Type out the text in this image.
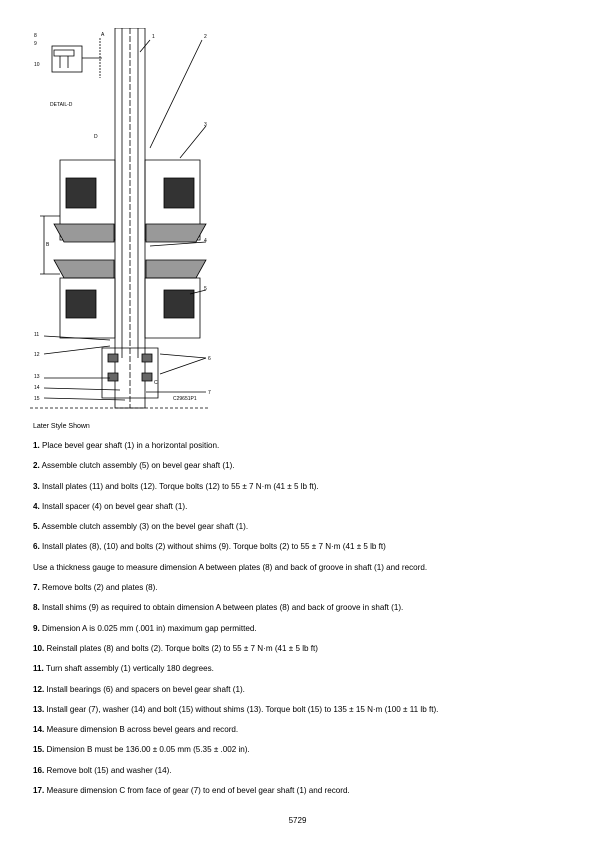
DETAIL-D
C29651P1
8
9
10
1	2
3
4
5
6
7
11
12
13
14
15
A
B
C
D
Later Style Shown
1. Place bevel gear shaft (1) in a horizontal position.
2. Assemble clutch assembly (5) on bevel gear shaft (1).
3. Install plates (11) and bolts (12). Torque bolts (12) to 55 ± 7 N·m (41 ± 5 lb ft).
4. Install spacer (4) on bevel gear shaft (1).
5. Assemble clutch assembly (3) on the bevel gear shaft (1).
6. Install plates (8), (10) and bolts (2) without shims (9). Torque bolts (2) to 55 ± 7 N·m (41 ± 5 lb ft)
Use a thickness gauge to measure dimension A between plates (8) and back of groove in shaft (1) and record.
7. Remove bolts (2) and plates (8).
8. Install shims (9) as required to obtain dimension A between plates (8) and back of groove in shaft (1).
9. Dimension A is 0.025 mm (.001 in) maximum gap permitted.
10. Reinstall plates (8) and bolts (2). Torque bolts (2) to 55 ± 7 N·m (41 ± 5 lb ft)
11. Turn shaft assembly (1) vertically 180 degrees.
12. Install bearings (6) and spacers on bevel gear shaft (1).
13. Install gear (7), washer (14) and bolt (15) without shims (13). Torque bolt (15) to 135 ± 15 N·m (100 ± 11 lb ft).
14. Measure dimension B across bevel gears and record.
15. Dimension B must be 136.00 ± 0.05 mm (5.35 ± .002 in).
16. Remove bolt (15) and washer (14).
17. Measure dimension C from face of gear (7) to end of bevel gear shaft (1) and record.
5729
